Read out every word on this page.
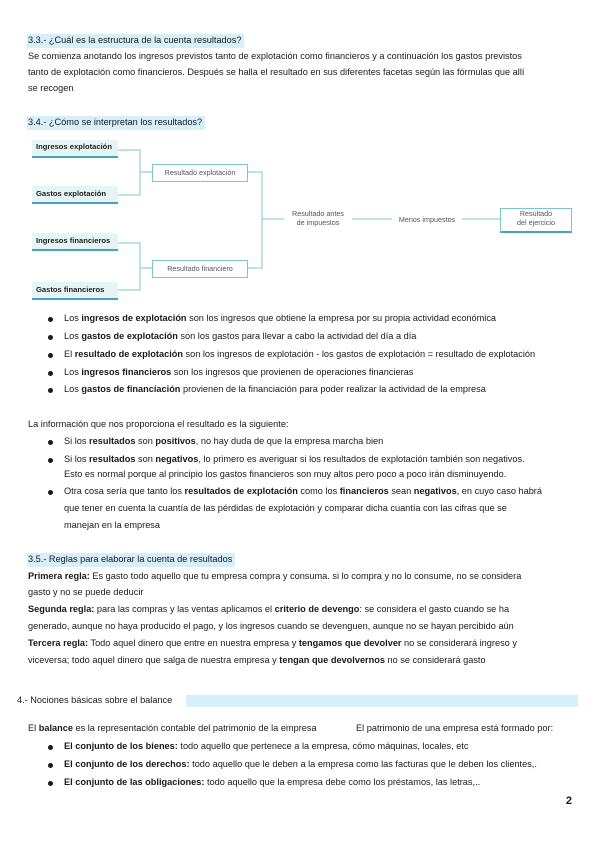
3.3.- ¿Cuál es la estructura de la cuenta resultados?
Se comienza anotando los ingresos previstos tanto de explotación como financieros y a continuación los gastos previstos
tanto de explotación como financieros. Después se halla el resultado en sus diferentes facetas según las fórmulas que allí
se recogen
3.4.- ¿Cómo se interpretan los resultados?
Ingresos explotación
Gastos explotación
Ingresos financieros
Gastos financieros
Resultado explotación
Resultado financiero
Resultado antes
de impuestos	Menos impuestos
Resultado
del ejercicio
Los ingresos de explotación son los ingresos que obtiene la empresa por su propia actividad económica
Los gastos de explotación son los gastos para llevar a cabo la actividad del día a día
El resultado de explotación son los ingresos de explotación - los gastos de explotación = resultado de explotación
Los ingresos financieros son los ingresos que provienen de operaciones financieras
Los gastos de financiación provienen de la financiación para poder realizar la actividad de la empresa
La información que nos proporciona el resultado es la siguiente:
Si los resultados son positivos, no hay duda de que la empresa marcha bien
Si los resultados son negativos, lo primero es averiguar si los resultados de explotación también son negativos.
Esto es normal porque al principio los gastos financieros son muy altos pero poco a poco irán disminuyendo.
Otra cosa sería que tanto los resultados de explotación como los financieros sean negativos, en cuyo caso habrá
que tener en cuenta la cuantía de las pérdidas de explotación y comparar dicha cuantía con las cifras que se
manejan en la empresa
3.5.- Reglas para elaborar la cuenta de resultados
Primera regla: Es gasto todo aquello que tu empresa compra y consuma. si lo compra y no lo consume, no se considera
gasto y no se puede deducir
Segunda regla: para las compras y las ventas aplicamos el criterio de devengo: se considera el gasto cuando se ha
generado, aunque no haya producido el pago, y los ingresos cuando se devenguen, aunque no se hayan percibido aún
Tercera regla: Todo aquel dinero que entre en nuestra empresa y tengamos que devolver no se considerará ingreso y
viceversa; todo aquel dinero que salga de nuestra empresa y tengan que devolvernos no se considerará gasto
4.- Nociones básicas sobre el balance
El balance es la representación contable del patrimonio de la empresa	El patrimonio de una empresa está formado por:
El conjunto de los bienes: todo aquello que pertenece a la empresa, cómo máquinas, locales, etc
El conjunto de los derechos: todo aquello que le deben a la empresa como las facturas que le deben los clientes,.
El conjunto de las obligaciones: todo aquello que la empresa debe como los préstamos, las letras,..
2
